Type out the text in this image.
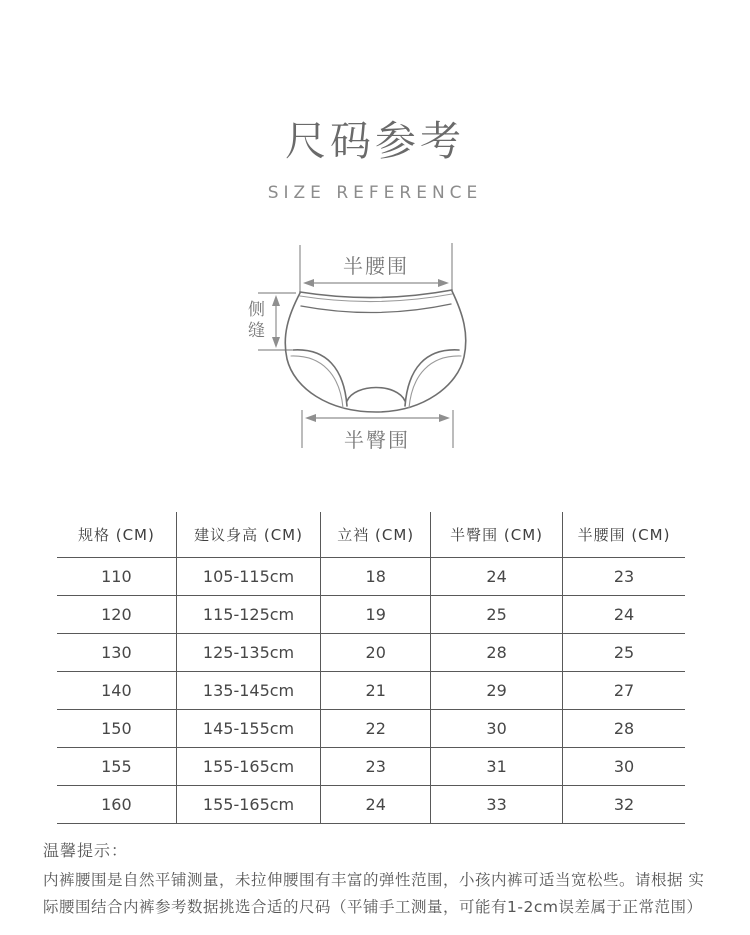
尺码参考
SIZE REFERENCE
半腰围
侧缝
半臀围
规格 (CM)	建议身高 (CM)	立裆 (CM)	半臀围 (CM)	半腰围 (CM)
110	105-115cm	18	24	23
120	115-125cm	19	25	24
130	125-135cm	20	28	25
140	135-145cm	21	29	27
150	145-155cm	22	30	28
155	155-165cm	23	31	30
160	155-165cm	24	33	32
温馨提示：
内裤腰围是自然平铺测量，未拉伸腰围有丰富的弹性范围，小孩内裤可适当宽松些。请根据 实际腰围结合内裤参考数据挑选合适的尺码（平铺手工测量，可能有1-2cm误差属于正常范围）
